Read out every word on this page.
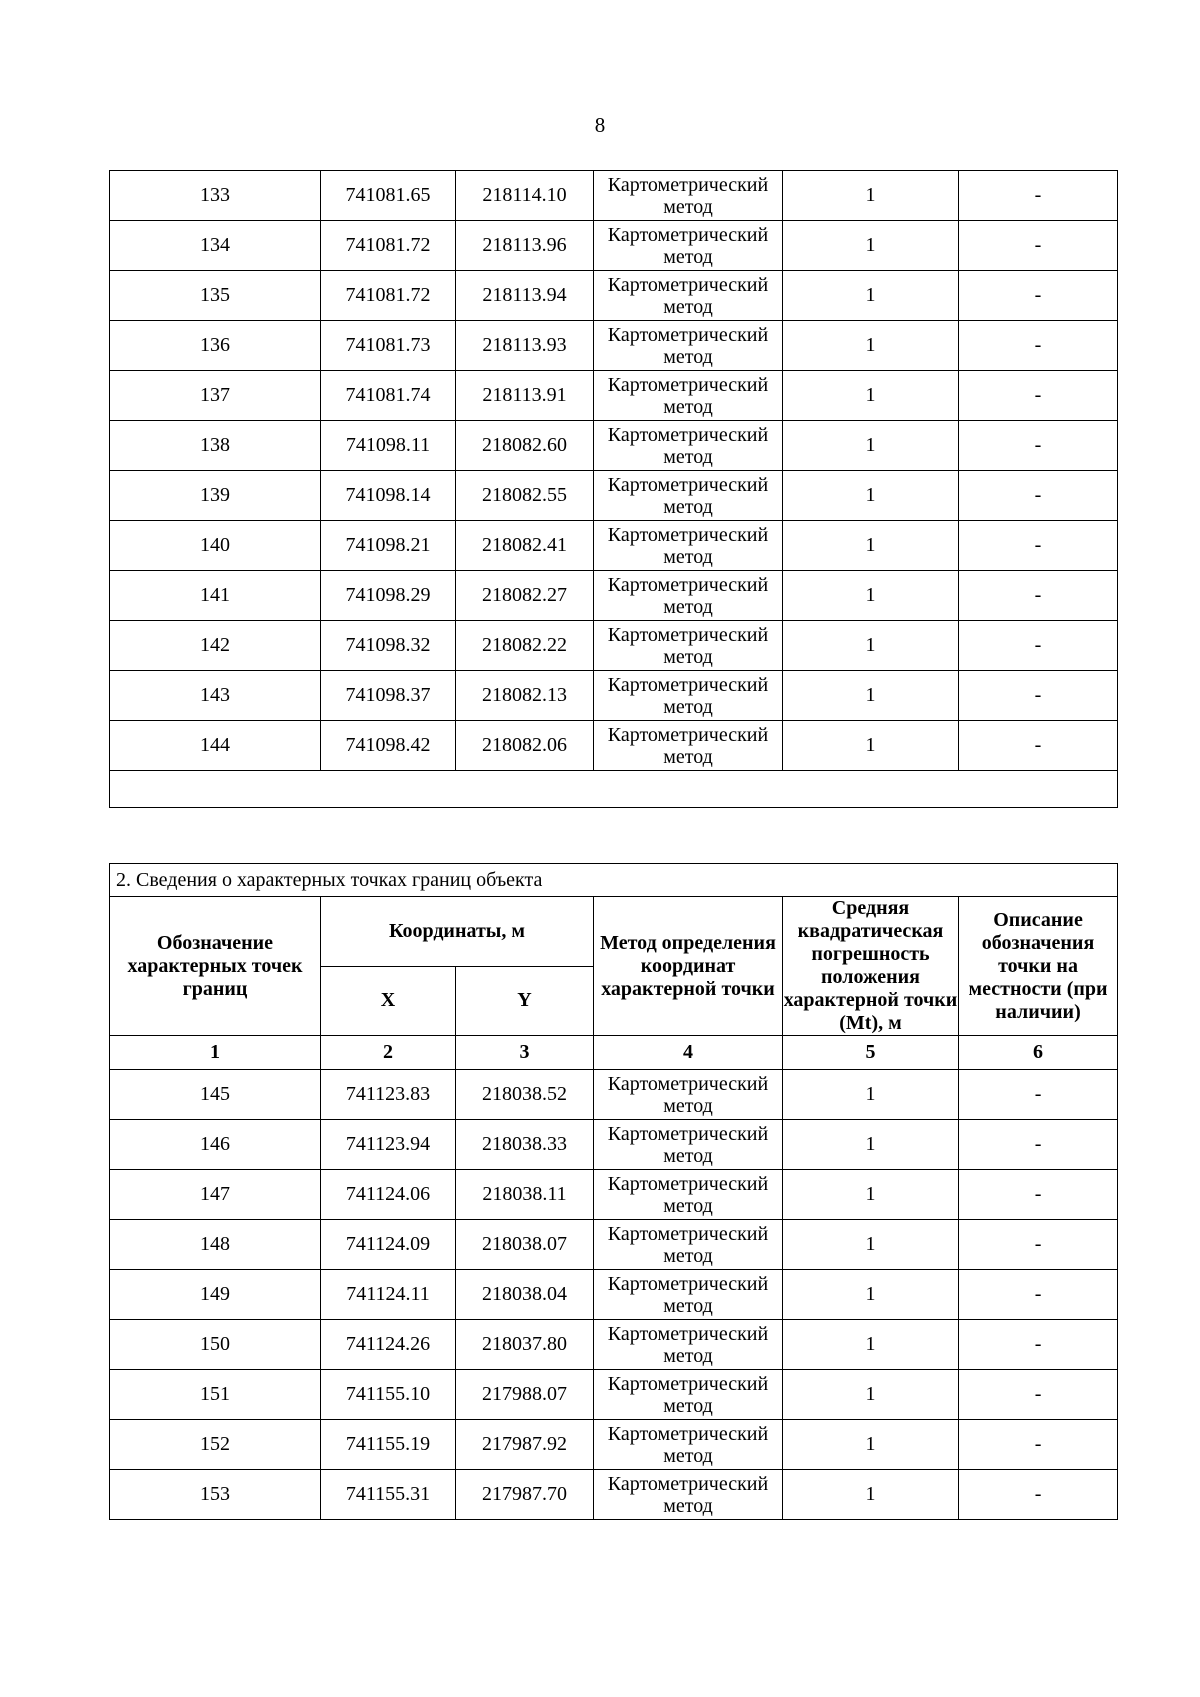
8
133	741081.65	218114.10	Картометрический метод	1	-
134	741081.72	218113.96	Картометрический метод	1	-
135	741081.72	218113.94	Картометрический метод	1	-
136	741081.73	218113.93	Картометрический метод	1	-
137	741081.74	218113.91	Картометрический метод	1	-
138	741098.11	218082.60	Картометрический метод	1	-
139	741098.14	218082.55	Картометрический метод	1	-
140	741098.21	218082.41	Картометрический метод	1	-
141	741098.29	218082.27	Картометрический метод	1	-
142	741098.32	218082.22	Картометрический метод	1	-
143	741098.37	218082.13	Картометрический метод	1	-
144	741098.42	218082.06	Картометрический метод	1	-

2. Сведения о характерных точках границ объекта					
Обозначение характерных точек границ	Координаты, м		Метод определения координат характерной точки	Средняя квадратическая погрешность положения характерной точки (Mt), м	Описание обозначения точки на местности (при наличии)
	X	Y			
1	2	3	4	5	6
145	741123.83	218038.52	Картометрический метод	1	-
146	741123.94	218038.33	Картометрический метод	1	-
147	741124.06	218038.11	Картометрический метод	1	-
148	741124.09	218038.07	Картометрический метод	1	-
149	741124.11	218038.04	Картометрический метод	1	-
150	741124.26	218037.80	Картометрический метод	1	-
151	741155.10	217988.07	Картометрический метод	1	-
152	741155.19	217987.92	Картометрический метод	1	-
153	741155.31	217987.70	Картометрический метод	1	-
